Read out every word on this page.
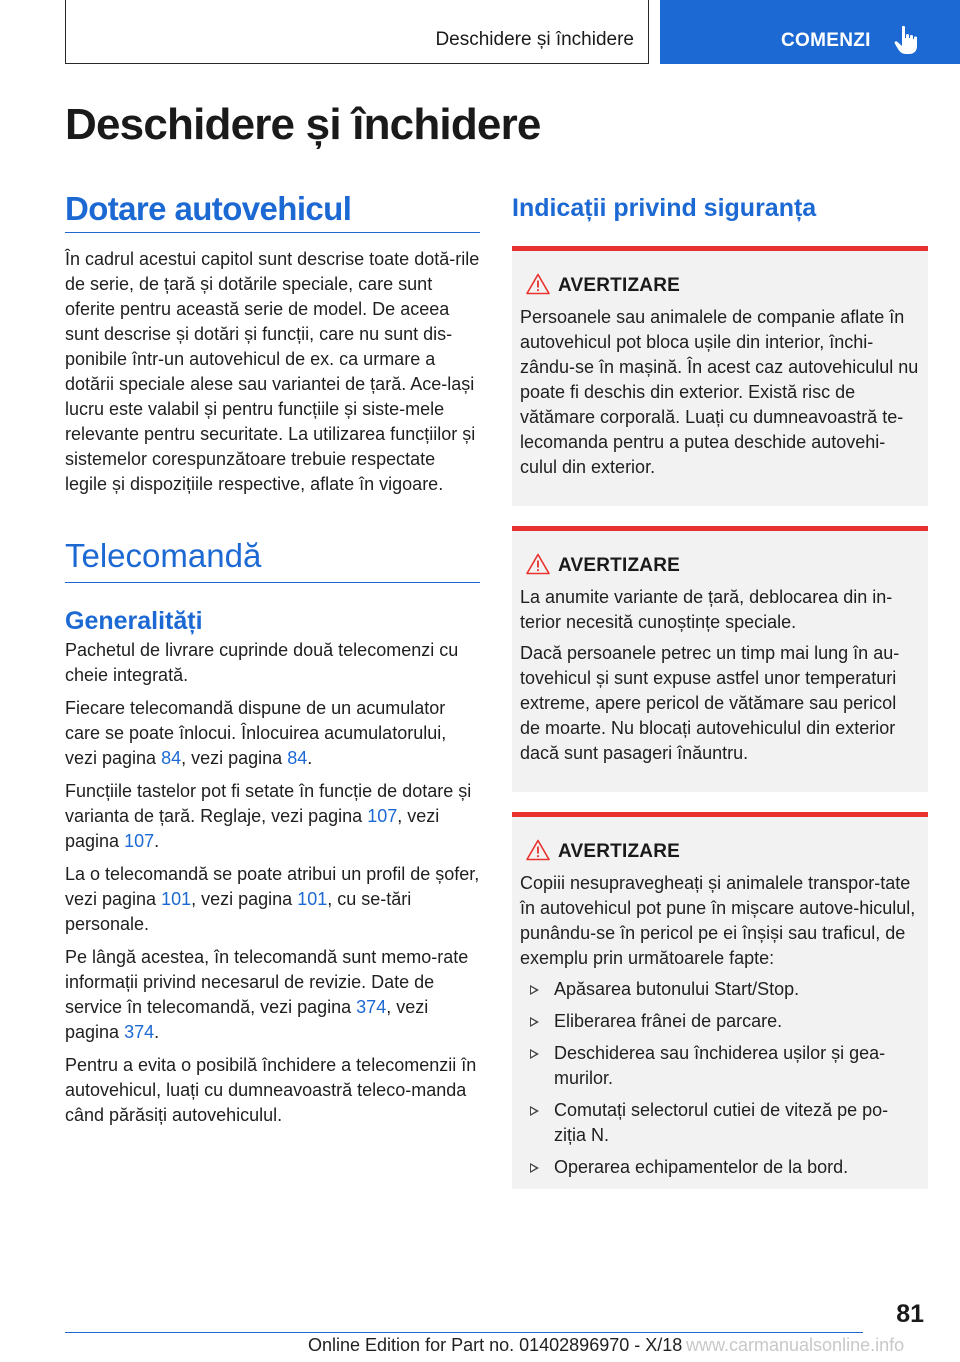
Deschidere și închidere	COMENZI
Deschidere și închidere
Dotare autovehicul

În cadrul acestui capitol sunt descrise toate dotă-rile de serie, de țară și dotările speciale, care sunt oferite pentru această serie de model. De aceea sunt descrise și dotări și funcții, care nu sunt dis-ponibile într-un autovehicul de ex. ca urmare a dotării speciale alese sau variantei de țară. Ace-lași lucru este valabil și pentru funcțiile și siste-mele relevante pentru securitate. La utilizarea funcțiilor și sistemelor corespunzătoare trebuie respectate legile și dispozițiile respective, aflate în vigoare.

Telecomandă
Generalități

Pachetul de livrare cuprinde două telecomenzi cu cheie integrată.

Fiecare telecomandă dispune de un acumulator care se poate înlocui. Înlocuirea acumulatorului, vezi pagina 84, vezi pagina 84.

Funcțiile tastelor pot fi setate în funcție de dotare și varianta de țară. Reglaje, vezi pagina 107, vezi pagina 107.

La o telecomandă se poate atribui un profil de șofer, vezi pagina 101, vezi pagina 101, cu se-tări personale.

Pe lângă acestea, în telecomandă sunt memo-rate informații privind necesarul de revizie. Date de service în telecomandă, vezi pagina 374, vezi pagina 374.

Pentru a evita o posibilă închidere a telecomenzii în autovehicul, luați cu dumneavoastră teleco-manda când părăsiți autovehiculul.

Indicații privind siguranța
AVERTIZARE

Persoanele sau animalele de companie aflate în autovehicul pot bloca ușile din interior, închi-zându-se în mașină. În acest caz autovehiculul nu poate fi deschis din exterior. Există risc de vătămare corporală. Luați cu dumneavoastră te-lecomanda pentru a putea deschide autovehi-culul din exterior.

AVERTIZARE

La anumite variante de țară, deblocarea din in-terior necesită cunoștințe speciale.

Dacă persoanele petrec un timp mai lung în au-tovehicul și sunt expuse astfel unor temperaturi extreme, apere pericol de vătămare sau pericol de moarte. Nu blocați autovehiculul din exterior dacă sunt pasageri înăuntru.

AVERTIZARE

Copiii nesupravegheați și animalele transpor-tate în autovehicul pot pune în mișcare autove-hiculul, punându-se în pericol pe ei înșiși sau traficul, de exemplu prin următoarele fapte:

Apăsarea butonului Start/Stop.
Eliberarea frânei de parcare.
Deschiderea sau închiderea ușilor și gea-murilor.
Comutați selectorul cutiei de viteză pe po-ziția N.
Operarea echipamentelor de la bord.
81
Online Edition for Part no. 01402896970 - X/18 www.carmanualsonline.info
